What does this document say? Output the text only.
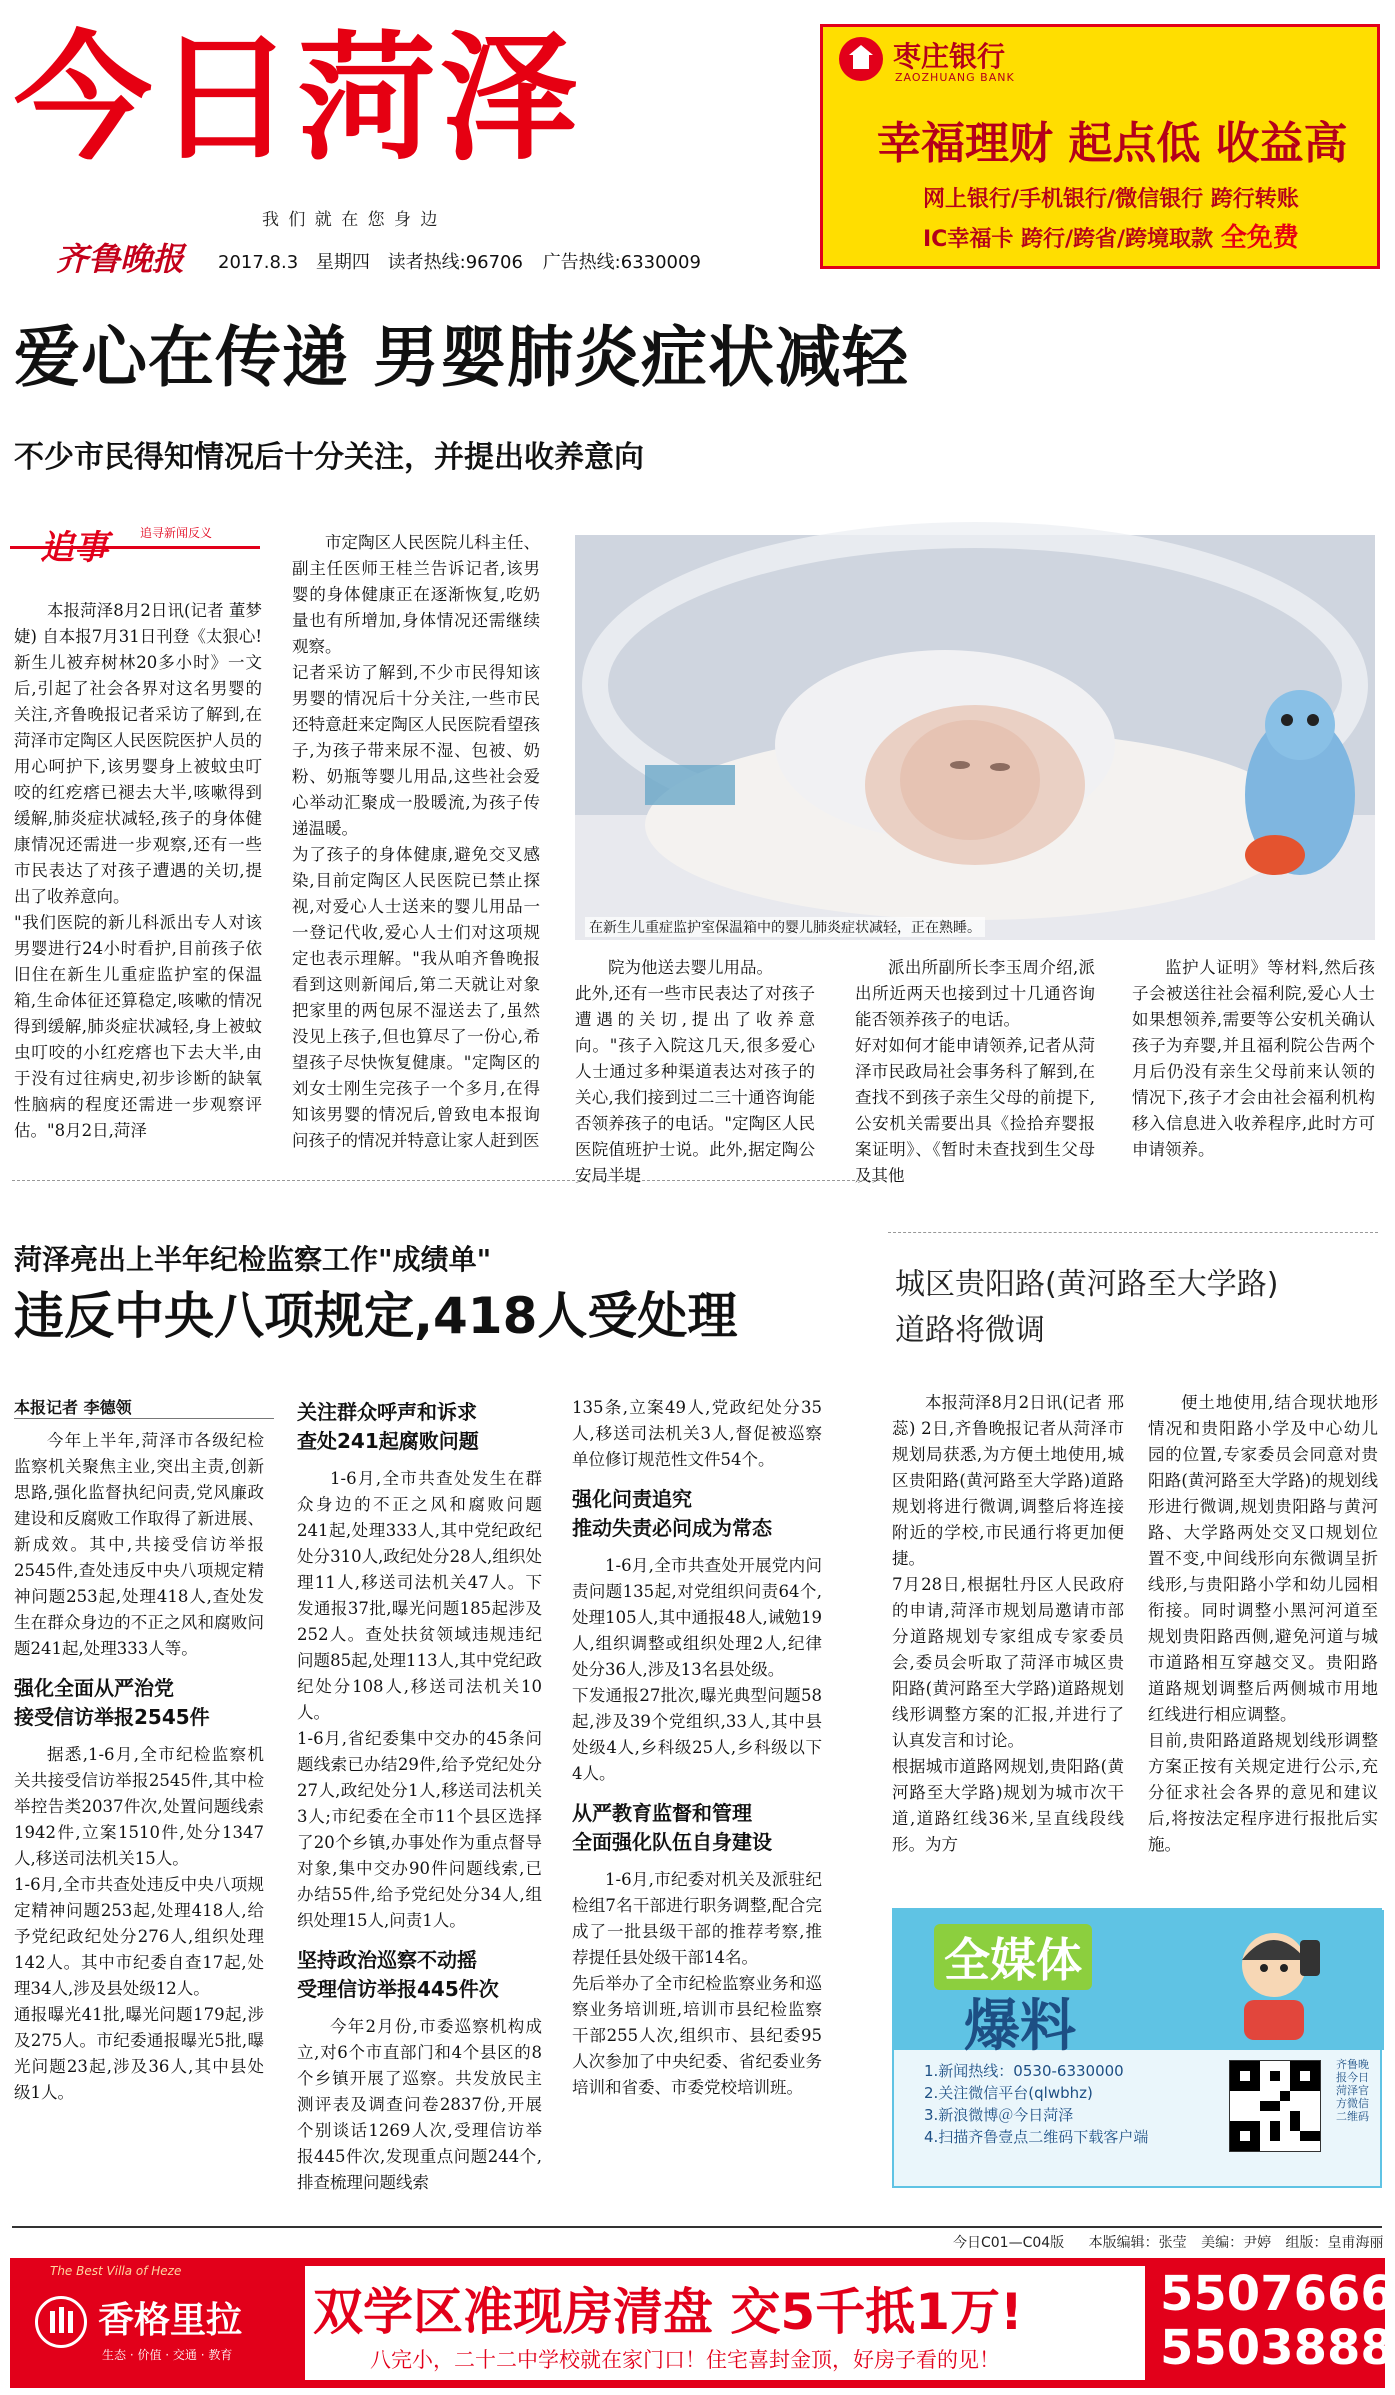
今日菏泽
我 们 就 在 您 身 边
齐鲁晚报 2017.8.3 星期四 读者热线:96706 广告热线:6330009
枣庄银行
ZAOZHUANG BANK
幸福理财 起点低 收益高
网上银行/手机银行/微信银行 跨行转账
IC幸福卡 跨行/跨省/跨境取款 全免费
爱心在传递 男婴肺炎症状减轻
不少市民得知情况后十分关注，并提出收养意向
追事	追寻新闻反义
在新生儿重症监护室保温箱中的婴儿肺炎症状减轻，正在熟睡。

本报菏泽8月2日讯(记者 董梦婕) 自本报7月31日刊登《太狠心!新生儿被弃树林20多小时》一文后,引起了社会各界对这名男婴的关注,齐鲁晚报记者采访了解到,在菏泽市定陶区人民医院医护人员的用心呵护下,该男婴身上被蚊虫叮咬的红疙瘩已褪去大半,咳嗽得到缓解,肺炎症状减轻,孩子的身体健康情况还需进一步观察,还有一些市民表达了对孩子遭遇的关切,提出了收养意向。
"我们医院的新儿科派出专人对该男婴进行24小时看护,目前孩子依旧住在新生儿重症监护室的保温箱,生命体征还算稳定,咳嗽的情况得到缓解,肺炎症状减轻,身上被蚊虫叮咬的小红疙瘩也下去大半,由于没有过往病史,初步诊断的缺氧性脑病的程度还需进一步观察评估。"8月2日,菏泽

市定陶区人民医院儿科主任、副主任医师王桂兰告诉记者,该男婴的身体健康正在逐渐恢复,吃奶量也有所增加,身体情况还需继续观察。
记者采访了解到,不少市民得知该男婴的情况后十分关注,一些市民还特意赶来定陶区人民医院看望孩子,为孩子带来尿不湿、包被、奶粉、奶瓶等婴儿用品,这些社会爱心举动汇聚成一股暖流,为孩子传递温暖。
为了孩子的身体健康,避免交叉感染,目前定陶区人民医院已禁止探视,对爱心人士送来的婴儿用品一一登记代收,爱心人士们对这项规定也表示理解。"我从咱齐鲁晚报看到这则新闻后,第二天就让对象把家里的两包尿不湿送去了,虽然没见上孩子,但也算尽了一份心,希望孩子尽快恢复健康。"定陶区的刘女士刚生完孩子一个多月,在得知该男婴的情况后,曾致电本报询问孩子的情况并特意让家人赶到医

院为他送去婴儿用品。
此外,还有一些市民表达了对孩子遭遇的关切,提出了收养意向。"孩子入院这几天,很多爱心人士通过多种渠道表达对孩子的关心,我们接到过二三十通咨询能否领养孩子的电话。"定陶区人民医院值班护士说。此外,据定陶公安局半堤

派出所副所长李玉周介绍,派出所近两天也接到过十几通咨询能否领养孩子的电话。
好对如何才能申请领养,记者从菏泽市民政局社会事务科了解到,在查找不到孩子亲生父母的前提下,公安机关需要出具《捡拾弃婴报案证明》、《暂时未查找到生父母及其他

监护人证明》等材料,然后孩子会被送往社会福利院,爱心人士如果想领养,需要等公安机关确认孩子为弃婴,并且福利院公告两个月后仍没有亲生父母前来认领的情况下,孩子才会由社会福利机构移入信息进入收养程序,此时方可申请领养。

菏泽亮出上半年纪检监察工作"成绩单"
违反中央八项规定,418人受处理
本报记者 李德领

今年上半年,菏泽市各级纪检监察机关聚焦主业,突出主责,创新思路,强化监督执纪问责,党风廉政建设和反腐败工作取得了新进展、新成效。其中,共接受信访举报2545件,查处违反中央八项规定精神问题253起,处理418人,查处发生在群众身边的不正之风和腐败问题241起,处理333人等。

强化全面从严治党
接受信访举报2545件

据悉,1-6月,全市纪检监察机关共接受信访举报2545件,其中检举控告类2037件次,处置问题线索1942件,立案1510件,处分1347人,移送司法机关15人。
1-6月,全市共查处违反中央八项规定精神问题253起,处理418人,给予党纪政纪处分276人,组织处理142人。其中市纪委自查17起,处理34人,涉及县处级12人。
通报曝光41批,曝光问题179起,涉及275人。市纪委通报曝光5批,曝光问题23起,涉及36人,其中县处级1人。

关注群众呼声和诉求
查处241起腐败问题

1-6月,全市共查处发生在群众身边的不正之风和腐败问题241起,处理333人,其中党纪政纪处分310人,政纪处分28人,组织处理11人,移送司法机关47人。下发通报37批,曝光问题185起涉及252人。查处扶贫领域违规违纪问题85起,处理113人,其中党纪政纪处分108人,移送司法机关10人。
1-6月,省纪委集中交办的45条问题线索已办结29件,给予党纪处分27人,政纪处分1人,移送司法机关3人;市纪委在全市11个县区选择了20个乡镇,办事处作为重点督导对象,集中交办90件问题线索,已办结55件,给予党纪处分34人,组织处理15人,问责1人。

坚持政治巡察不动摇
受理信访举报445件次

今年2月份,市委巡察机构成立,对6个市直部门和4个县区的8个乡镇开展了巡察。共发放民主测评表及调查问卷2837份,开展个别谈话1269人次,受理信访举报445件次,发现重点问题244个,排查梳理问题线索

135条,立案49人,党政纪处分35人,移送司法机关3人,督促被巡察单位修订规范性文件54个。

强化问责追究
推动失责必问成为常态

1-6月,全市共查处开展党内问责问题135起,对党组织问责64个,处理105人,其中通报48人,诫勉19人,组织调整或组织处理2人,纪律处分36人,涉及13名县处级。
下发通报27批次,曝光典型问题58起,涉及39个党组织,33人,其中县处级4人,乡科级25人,乡科级以下4人。

从严教育监督和管理
全面强化队伍自身建设

1-6月,市纪委对机关及派驻纪检组7名干部进行职务调整,配合完成了一批县级干部的推荐考察,推荐提任县处级干部14名。
先后举办了全市纪检监察业务和巡察业务培训班,培训市县纪检监察干部255人次,组织市、县纪委95人次参加了中央纪委、省纪委业务培训和省委、市委党校培训班。

城区贵阳路(黄河路至大学路)
道路将微调

本报菏泽8月2日讯(记者 邢蕊) 2日,齐鲁晚报记者从菏泽市规划局获悉,为方便土地使用,城区贵阳路(黄河路至大学路)道路规划将进行微调,调整后将连接附近的学校,市民通行将更加便捷。
7月28日,根据牡丹区人民政府的申请,菏泽市规划局邀请市部分道路规划专家组成专家委员会,委员会听取了菏泽市城区贵阳路(黄河路至大学路)道路规划线形调整方案的汇报,并进行了认真发言和讨论。
根据城市道路网规划,贵阳路(黄河路至大学路)规划为城市次干道,道路红线36米,呈直线段线形。为方

便土地使用,结合现状地形情况和贵阳路小学及中心幼儿园的位置,专家委员会同意对贵阳路(黄河路至大学路)的规划线形进行微调,规划贵阳路与黄河路、大学路两处交叉口规划位置不变,中间线形向东微调呈折线形,与贵阳路小学和幼儿园相衔接。同时调整小黑河河道至规划贵阳路西侧,避免河道与城市道路相互穿越交叉。贵阳路道路规划调整后两侧城市用地红线进行相应调整。
目前,贵阳路道路规划线形调整方案正按有关规定进行公示,充分征求社会各界的意见和建议后,将按法定程序进行报批后实施。

全媒体
爆料
1.新闻热线：0530-6330000
2.关注微信平台(qlwbhz)
3.新浪微博＠今日菏泽
4.扫描齐鲁壹点二维码下载客户端
齐鲁晚报今日菏泽官方微信二维码
今日C01—C04版 本版编辑：张莹 美编：尹婷 组版：皇甫海丽
The Best Villa of Heze
香格里拉
生态 · 价值 · 交通 · 教育
双学区准现房清盘 交5千抵1万!
八完小，二十二中学校就在家门口！住宅喜封金顶，好房子看的见！
5507666
5503888
